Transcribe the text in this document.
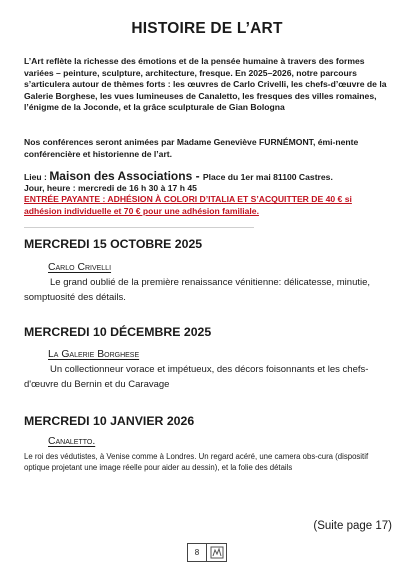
HISTOIRE DE L’ART

L’Art reflète la richesse des émotions et de la pensée humaine à travers des formes variées – peinture, sculpture, architecture, fresque. En 2025–2026, notre parcours s’articulera autour de thèmes forts : les œuvres de Carlo Crivelli, les chefs-d’œuvre de la Galerie Borghese, les vues lumineuses de Canaletto, les fresques des villes romaines, l’énigme de la Joconde, et la grâce sculpturale de Gian Bologna

Nos conférences seront animées par Madame Geneviève FURNÉMONT, émi-nente conférencière et historienne de l’art.

Lieu : Maison des Associations - Place du 1er mai 81100 Castres.
Jour, heure : mercredi de 16 h 30 à 17 h 45
ENTRÉE PAYANTE : ADHÉSION À COLORI D’ITALIA ET S’ACQUITTER DE 40 € si
adhésion individuelle et 70 € pour une adhésion familiale.
MERCREDI 15 OCTOBRE 2025
Carlo Crivelli

Le grand oublié de la première renaissance vénitienne: délicatesse, minutie, somptuosité des détails.

MERCREDI 10 DÉCEMBRE 2025
La Galerie Borghese

Un collectionneur vorace et impétueux, des décors foisonnants et les chefs-d'œuvre du Bernin et du Caravage

MERCREDI 10 JANVIER 2026
Canaletto.

Le roi des védutistes, à Venise comme à Londres. Un regard acéré, une camera obs-cura (dispositif optique projetant une image réelle pour aider au dessin), et la folie des détails

(Suite page 17)
8
